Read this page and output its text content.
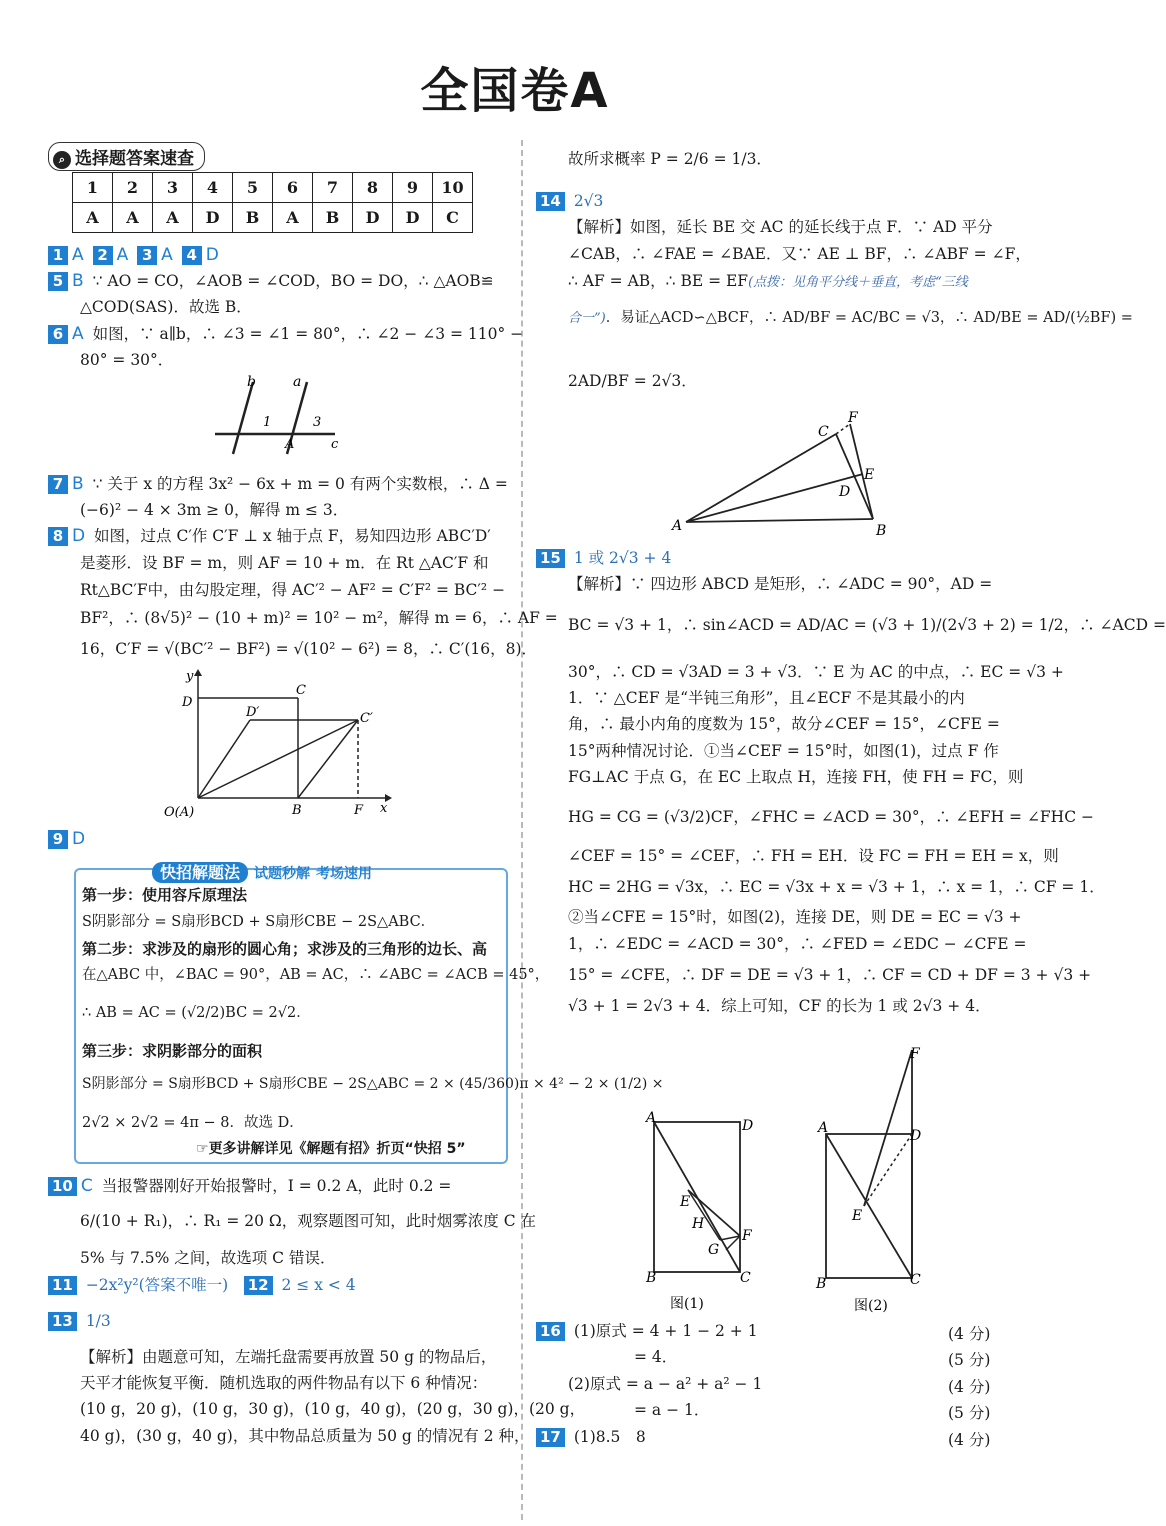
全国卷A
⌕ 选择题答案速查
1	2	3	4	5	6	7	8	9	10
A	A	A	D	B	A	B	D	D	C
1 A 2 A 3 A 4 D
5 B ∵ AO = CO，∠AOB = ∠COD，BO = DO，∴ △AOB≌
△COD(SAS)．故选 B．
6 A 如图，∵ a∥b，∴ ∠3 = ∠1 = 80°，∴ ∠2 − ∠3 = 110° −
80° = 30°．
b	a
1	3
A	c
7 B ∵ 关于 x 的方程 3x² − 6x + m = 0 有两个实数根，∴ Δ =
(−6)² − 4 × 3m ≥ 0，解得 m ≤ 3．
8 D 如图，过点 C′作 C′F ⊥ x 轴于点 F，易知四边形 ABC′D′
是菱形．设 BF = m，则 AF = 10 + m．在 Rt △AC′F 和
Rt△BC′F中，由勾股定理，得 AC′² − AF² = C′F² = BC′² −
BF²，∴ (8√5)² − (10 + m)² = 10² − m²，解得 m = 6，∴ AF =
16，C′F = √(BC′² − BF²) = √(10² − 6²) = 8，∴ C′(16，8)．
y
D
C
D′	C′
O(A)	B	F x
9 D
快招解题法 试题秒解 考场速用
第一步：使用容斥原理法
S阴影部分 = S扇形BCD + S扇形CBE − 2S△ABC．
第二步：求涉及的扇形的圆心角；求涉及的三角形的边长、高
在△ABC 中，∠BAC = 90°，AB = AC，∴ ∠ABC = ∠ACB = 45°，
∴ AB = AC = (√2/2)BC = 2√2．
第三步：求阴影部分的面积
S阴影部分 = S扇形BCD + S扇形CBE − 2S△ABC = 2 × (45/360)π × 4² − 2 × (1/2) ×
2√2 × 2√2 = 4π − 8．故选 D．
☞更多讲解详见《解题有招》折页“快招 5”
10 C 当报警器刚好开始报警时，I = 0.2 A，此时 0.2 =
6/(10 + R₁)，∴ R₁ = 20 Ω，观察题图可知，此时烟雾浓度 C 在
5% 与 7.5% 之间，故选项 C 错误．
11 −2x²y²(答案不唯一)　 12 2 ≤ x < 4
13 1/3
【解析】由题意可知，左端托盘需要再放置 50 g 的物品后，
天平才能恢复平衡．随机选取的两件物品有以下 6 种情况：
(10 g，20 g)，(10 g，30 g)，(10 g，40 g)，(20 g，30 g)，(20 g，
40 g)，(30 g，40 g)，其中物品总质量为 50 g 的情况有 2 种，
故所求概率 P = 2/6 = 1/3．
14 2√3
【解析】如图，延长 BE 交 AC 的延长线于点 F．∵ AD 平分
∠CAB，∴ ∠FAE = ∠BAE．又∵ AE ⊥ BF，∴ ∠ABF = ∠F，
∴ AF = AB，∴ BE = EF(点拨：见角平分线＋垂直，考虑“三线
合一”)．易证△ACD∽△BCF，∴ AD/BF = AC/BC = √3，∴ AD/BE = AD/(½BF) =
2AD/BF = 2√3．
C
F
E
D
A	B
15 1 或 2√3 + 4
【解析】∵ 四边形 ABCD 是矩形，∴ ∠ADC = 90°，AD =
BC = √3 + 1，∴ sin∠ACD = AD/AC = (√3 + 1)/(2√3 + 2) = 1/2，∴ ∠ACD =
30°，∴ CD = √3AD = 3 + √3．∵ E 为 AC 的中点，∴ EC = √3 +
1．∵ △CEF 是“半钝三角形”，且∠ECF 不是其最小的内
角，∴ 最小内角的度数为 15°，故分∠CEF = 15°，∠CFE =
15°两种情况讨论．①当∠CEF = 15°时，如图(1)，过点 F 作
FG⊥AC 于点 G，在 EC 上取点 H，连接 FH，使 FH = FC，则
HG = CG = (√3/2)CF，∠FHC = ∠ACD = 30°，∴ ∠EFH = ∠FHC −
∠CEF = 15° = ∠CEF，∴ FH = EH．设 FC = FH = EH = x，则
HC = 2HG = √3x，∴ EC = √3x + x = √3 + 1，∴ x = 1，∴ CF = 1．
②当∠CFE = 15°时，如图(2)，连接 DE，则 DE = EC = √3 +
1，∴ ∠EDC = ∠ACD = 30°，∴ ∠FED = ∠EDC − ∠CFE =
15° = ∠CFE，∴ DF = DE = √3 + 1，∴ CF = CD + DF = 3 + √3 +
√3 + 1 = 2√3 + 4．综上可知，CF 的长为 1 或 2√3 + 4．
A	D
E
H
G
F
B	C
图(1)
F
A	D
E
B	C
图(2)
16 (1)原式 = 4 + 1 − 2 + 1	(4 分)
= 4．	(5 分)
(2)原式 = a − a² + a² − 1	(4 分)
= a − 1．	(5 分)
17 (1)8.5　8	(4 分)
